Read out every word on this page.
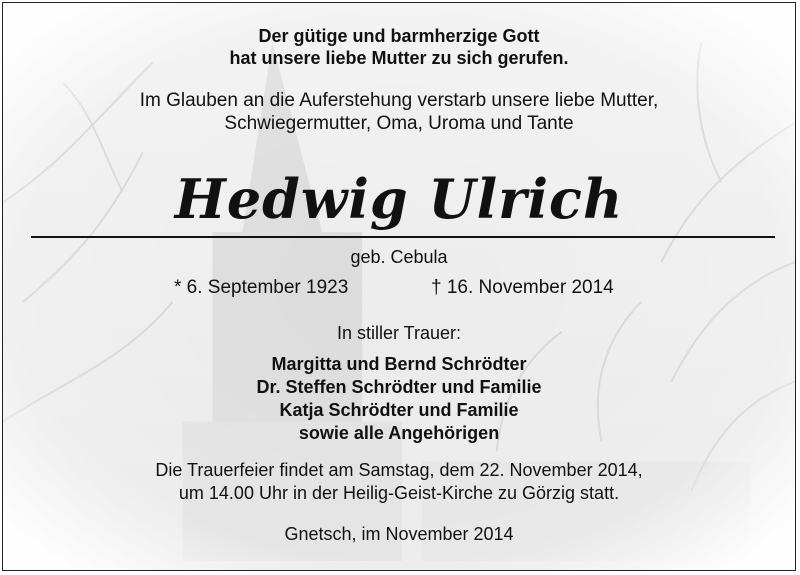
Der gütige und barmherzige Gott
hat unsere liebe Mutter zu sich gerufen.
Im Glauben an die Auferstehung verstarb unsere liebe Mutter,
Schwiegermutter, Oma, Uroma und Tante
Hedwig Ulrich
geb. Cebula
* 6. September 1923	† 16. November 2014
In stiller Trauer:
Margitta und Bernd Schrödter
Dr. Steffen Schrödter und Familie
Katja Schrödter und Familie
sowie alle Angehörigen
Die Trauerfeier findet am Samstag, dem 22. November 2014,
um 14.00 Uhr in der Heilig-Geist-Kirche zu Görzig statt.
Gnetsch, im November 2014
